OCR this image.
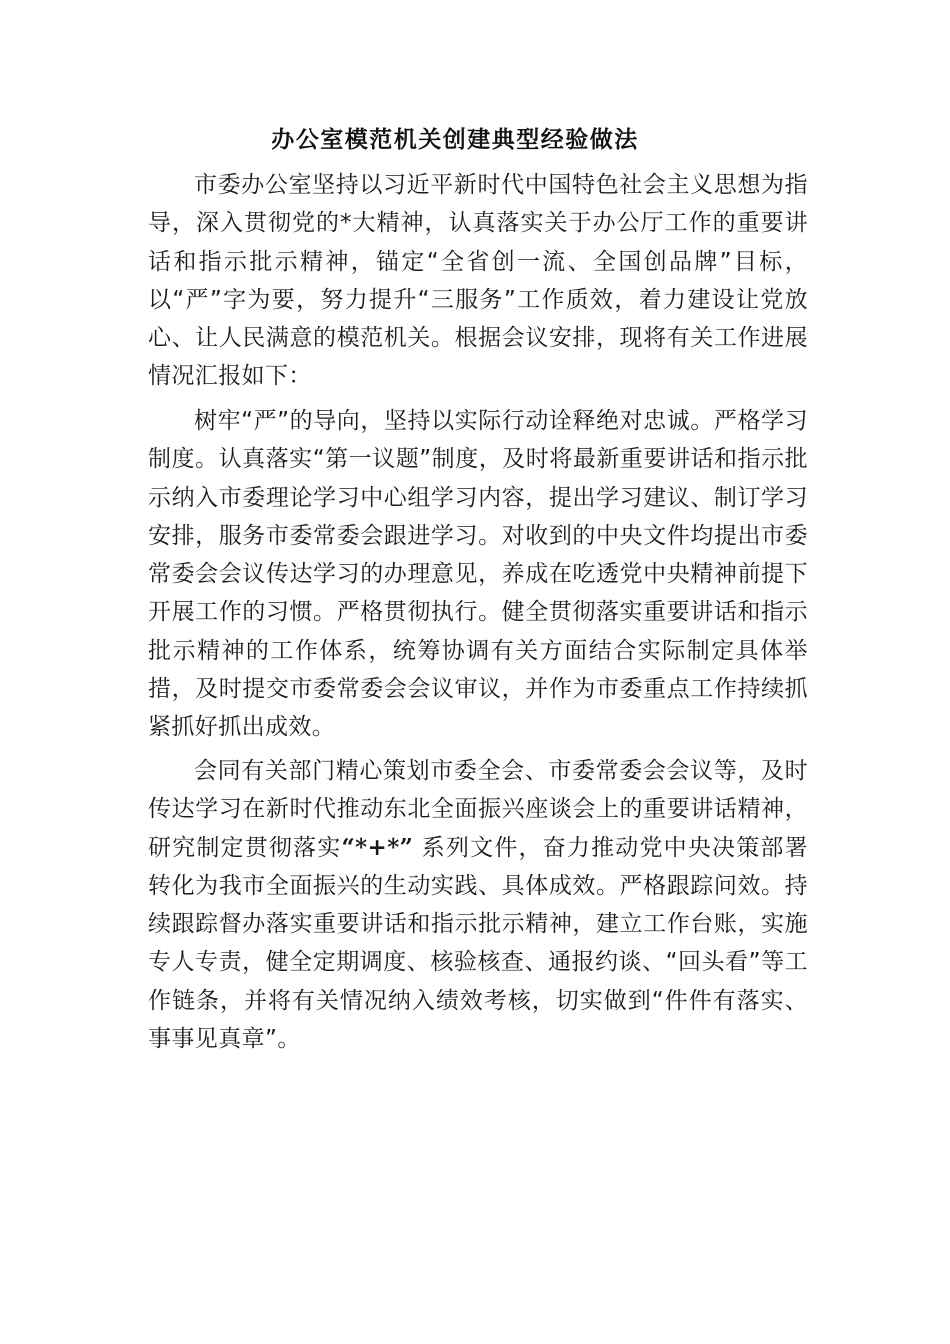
办公室模范机关创建典型经验做法

市委办公室坚持以习近平新时代中国特色社会主义思想为指导，深入贯彻党的*大精神，认真落实关于办公厅工作的重要讲话和指示批示精神，锚定“全省创一流、全国创品牌”目标，以“严”字为要，努力提升“三服务”工作质效，着力建设让党放心、让人民满意的模范机关。根据会议安排，现将有关工作进展情况汇报如下：

树牢“严”的导向，坚持以实际行动诠释绝对忠诚。严格学习制度。认真落实“第一议题”制度，及时将最新重要讲话和指示批示纳入市委理论学习中心组学习内容，提出学习建议、制订学习安排，服务市委常委会跟进学习。对收到的中央文件均提出市委常委会会议传达学习的办理意见，养成在吃透党中央精神前提下开展工作的习惯。严格贯彻执行。健全贯彻落实重要讲话和指示批示精神的工作体系，统筹协调有关方面结合实际制定具体举措，及时提交市委常委会会议审议，并作为市委重点工作持续抓紧抓好抓出成效。

会同有关部门精心策划市委全会、市委常委会会议等，及时传达学习在新时代推动东北全面振兴座谈会上的重要讲话精神，研究制定贯彻落实“*+*” 系列文件，奋力推动党中央决策部署转化为我市全面振兴的生动实践、具体成效。严格跟踪问效。持续跟踪督办落实重要讲话和指示批示精神，建立工作台账，实施专人专责，健全定期调度、核验核查、通报约谈、“回头看”等工作链条，并将有关情况纳入绩效考核，切实做到“件件有落实、事事见真章”。
